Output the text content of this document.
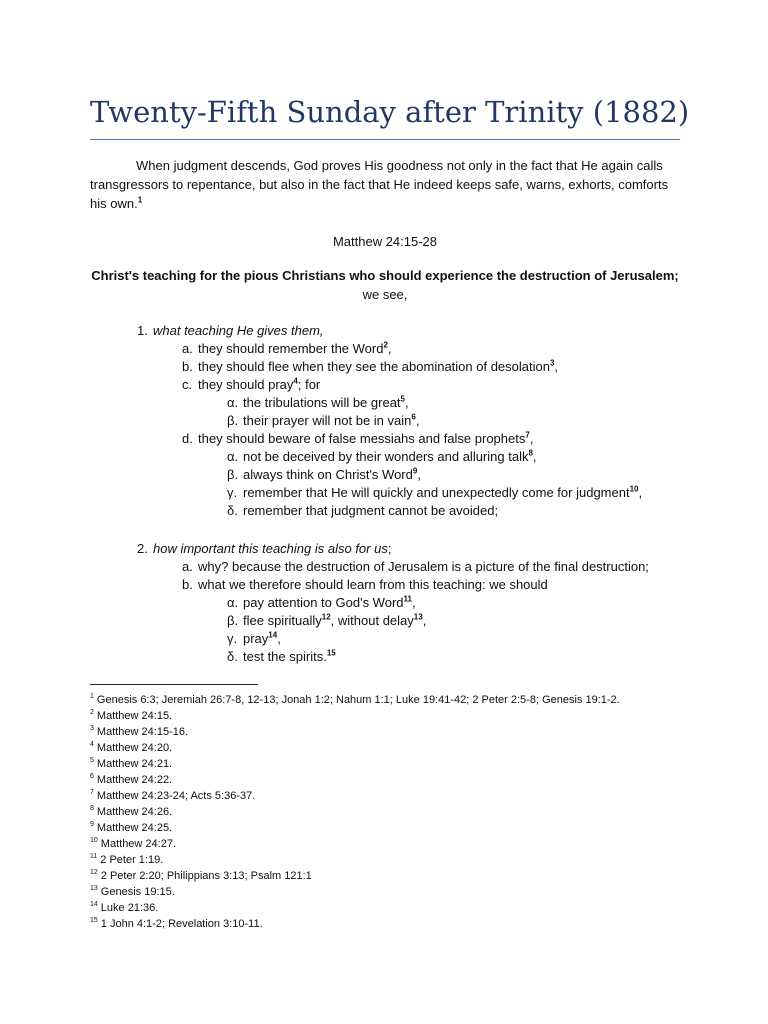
Twenty-Fifth Sunday after Trinity (1882)
When judgment descends, God proves His goodness not only in the fact that He again calls transgressors to repentance, but also in the fact that He indeed keeps safe, warns, exhorts, comforts his own.$^1$
Matthew 24:15-28
Christ's teaching for the pious Christians who should experience the destruction of Jerusalem; we see,
1. what teaching He gives them,
a. they should remember the Word$^2$,
b. they should flee when they see the abomination of desolation$^3$,
c. they should pray$^4$; for
α. the tribulations will be great$^5$,
β. their prayer will not be in vain$^6$,
d. they should beware of false messiahs and false prophets$^7$,
α. not be deceived by their wonders and alluring talk$^8$,
β. always think on Christ's Word$^9$,
γ. remember that He will quickly and unexpectedly come for judgment$^{10}$,
δ. remember that judgment cannot be avoided;
2. how important this teaching is also for us;
a. why? because the destruction of Jerusalem is a picture of the final destruction;
b. what we therefore should learn from this teaching: we should
α. pay attention to God's Word$^{11}$,
β. flee spiritually$^{12}$, without delay$^{13}$,
γ. pray$^{14}$,
δ. test the spirits.$^{15}$
$^1$ Genesis 6:3; Jeremiah 26:7-8, 12-13; Jonah 1:2; Nahum 1:1; Luke 19:41-42; 2 Peter 2:5-8; Genesis 19:1-2.
$^2$ Matthew 24:15.
$^3$ Matthew 24:15-16.
$^4$ Matthew 24:20.
$^5$ Matthew 24:21.
$^6$ Matthew 24:22.
$^7$ Matthew 24:23-24; Acts 5:36-37.
$^8$ Matthew 24:26.
$^9$ Matthew 24:25.
$^{10}$ Matthew 24:27.
$^{11}$ 2 Peter 1:19.
$^{12}$ 2 Peter 2:20; Philippians 3:13; Psalm 121:1
$^{13}$ Genesis 19:15.
$^{14}$ Luke 21:36.
$^{15}$ 1 John 4:1-2; Revelation 3:10-11.
